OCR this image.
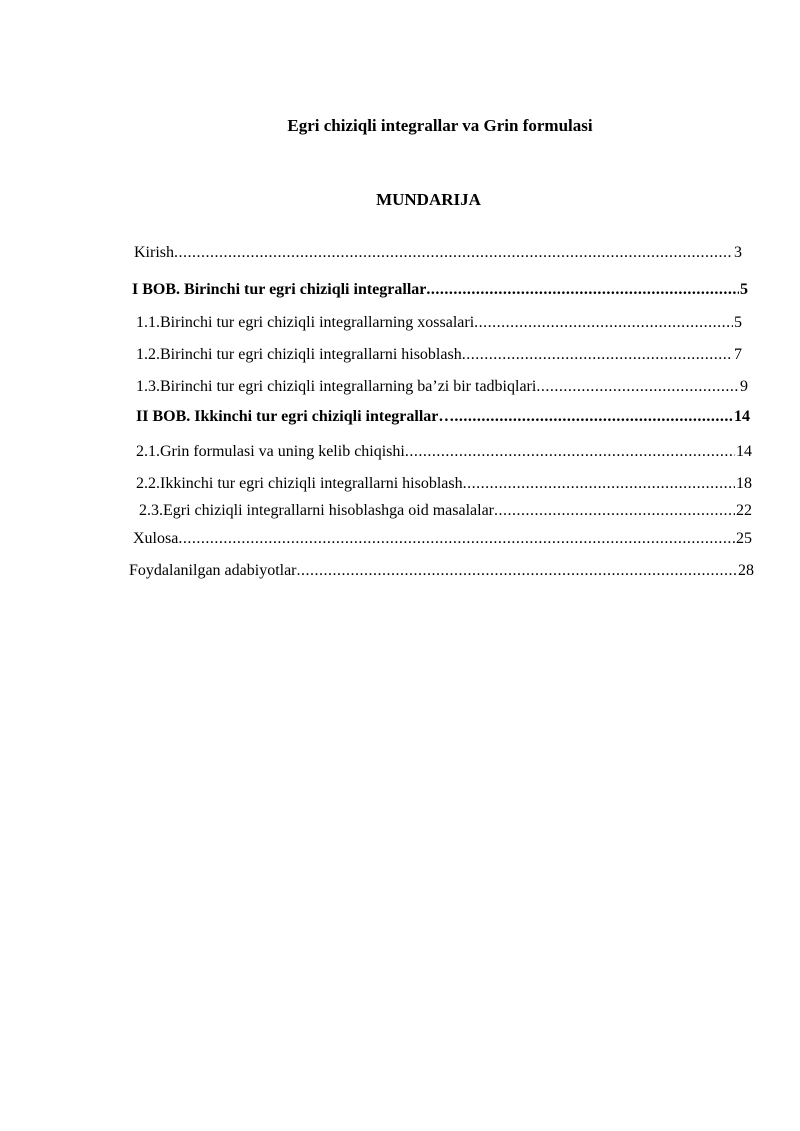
Egri chiziqli integrallar va Grin formulasi
MUNDARIJA
Kirish .....	3
I BOB. Birinchi tur egri chiziqli integrallar .....	5
1.1.Birinchi tur egri chiziqli integrallarning xossalari .....	5
1.2.Birinchi tur egri chiziqli integrallarni hisoblash .....	7
1.3.Birinchi tur egri chiziqli integrallarning ba’zi bir tadbiqlari .....	9
II BOB. Ikkinchi tur egri chiziqli integrallar… .....	14
2.1.Grin formulasi va uning kelib chiqishi .....	14
2.2.Ikkinchi tur egri chiziqli integrallarni hisoblash .....	18
2.3.Egri chiziqli integrallarni hisoblashga oid masalalar .....	22
Xulosa .....	25
Foydalanilgan adabiyotlar .....	28
